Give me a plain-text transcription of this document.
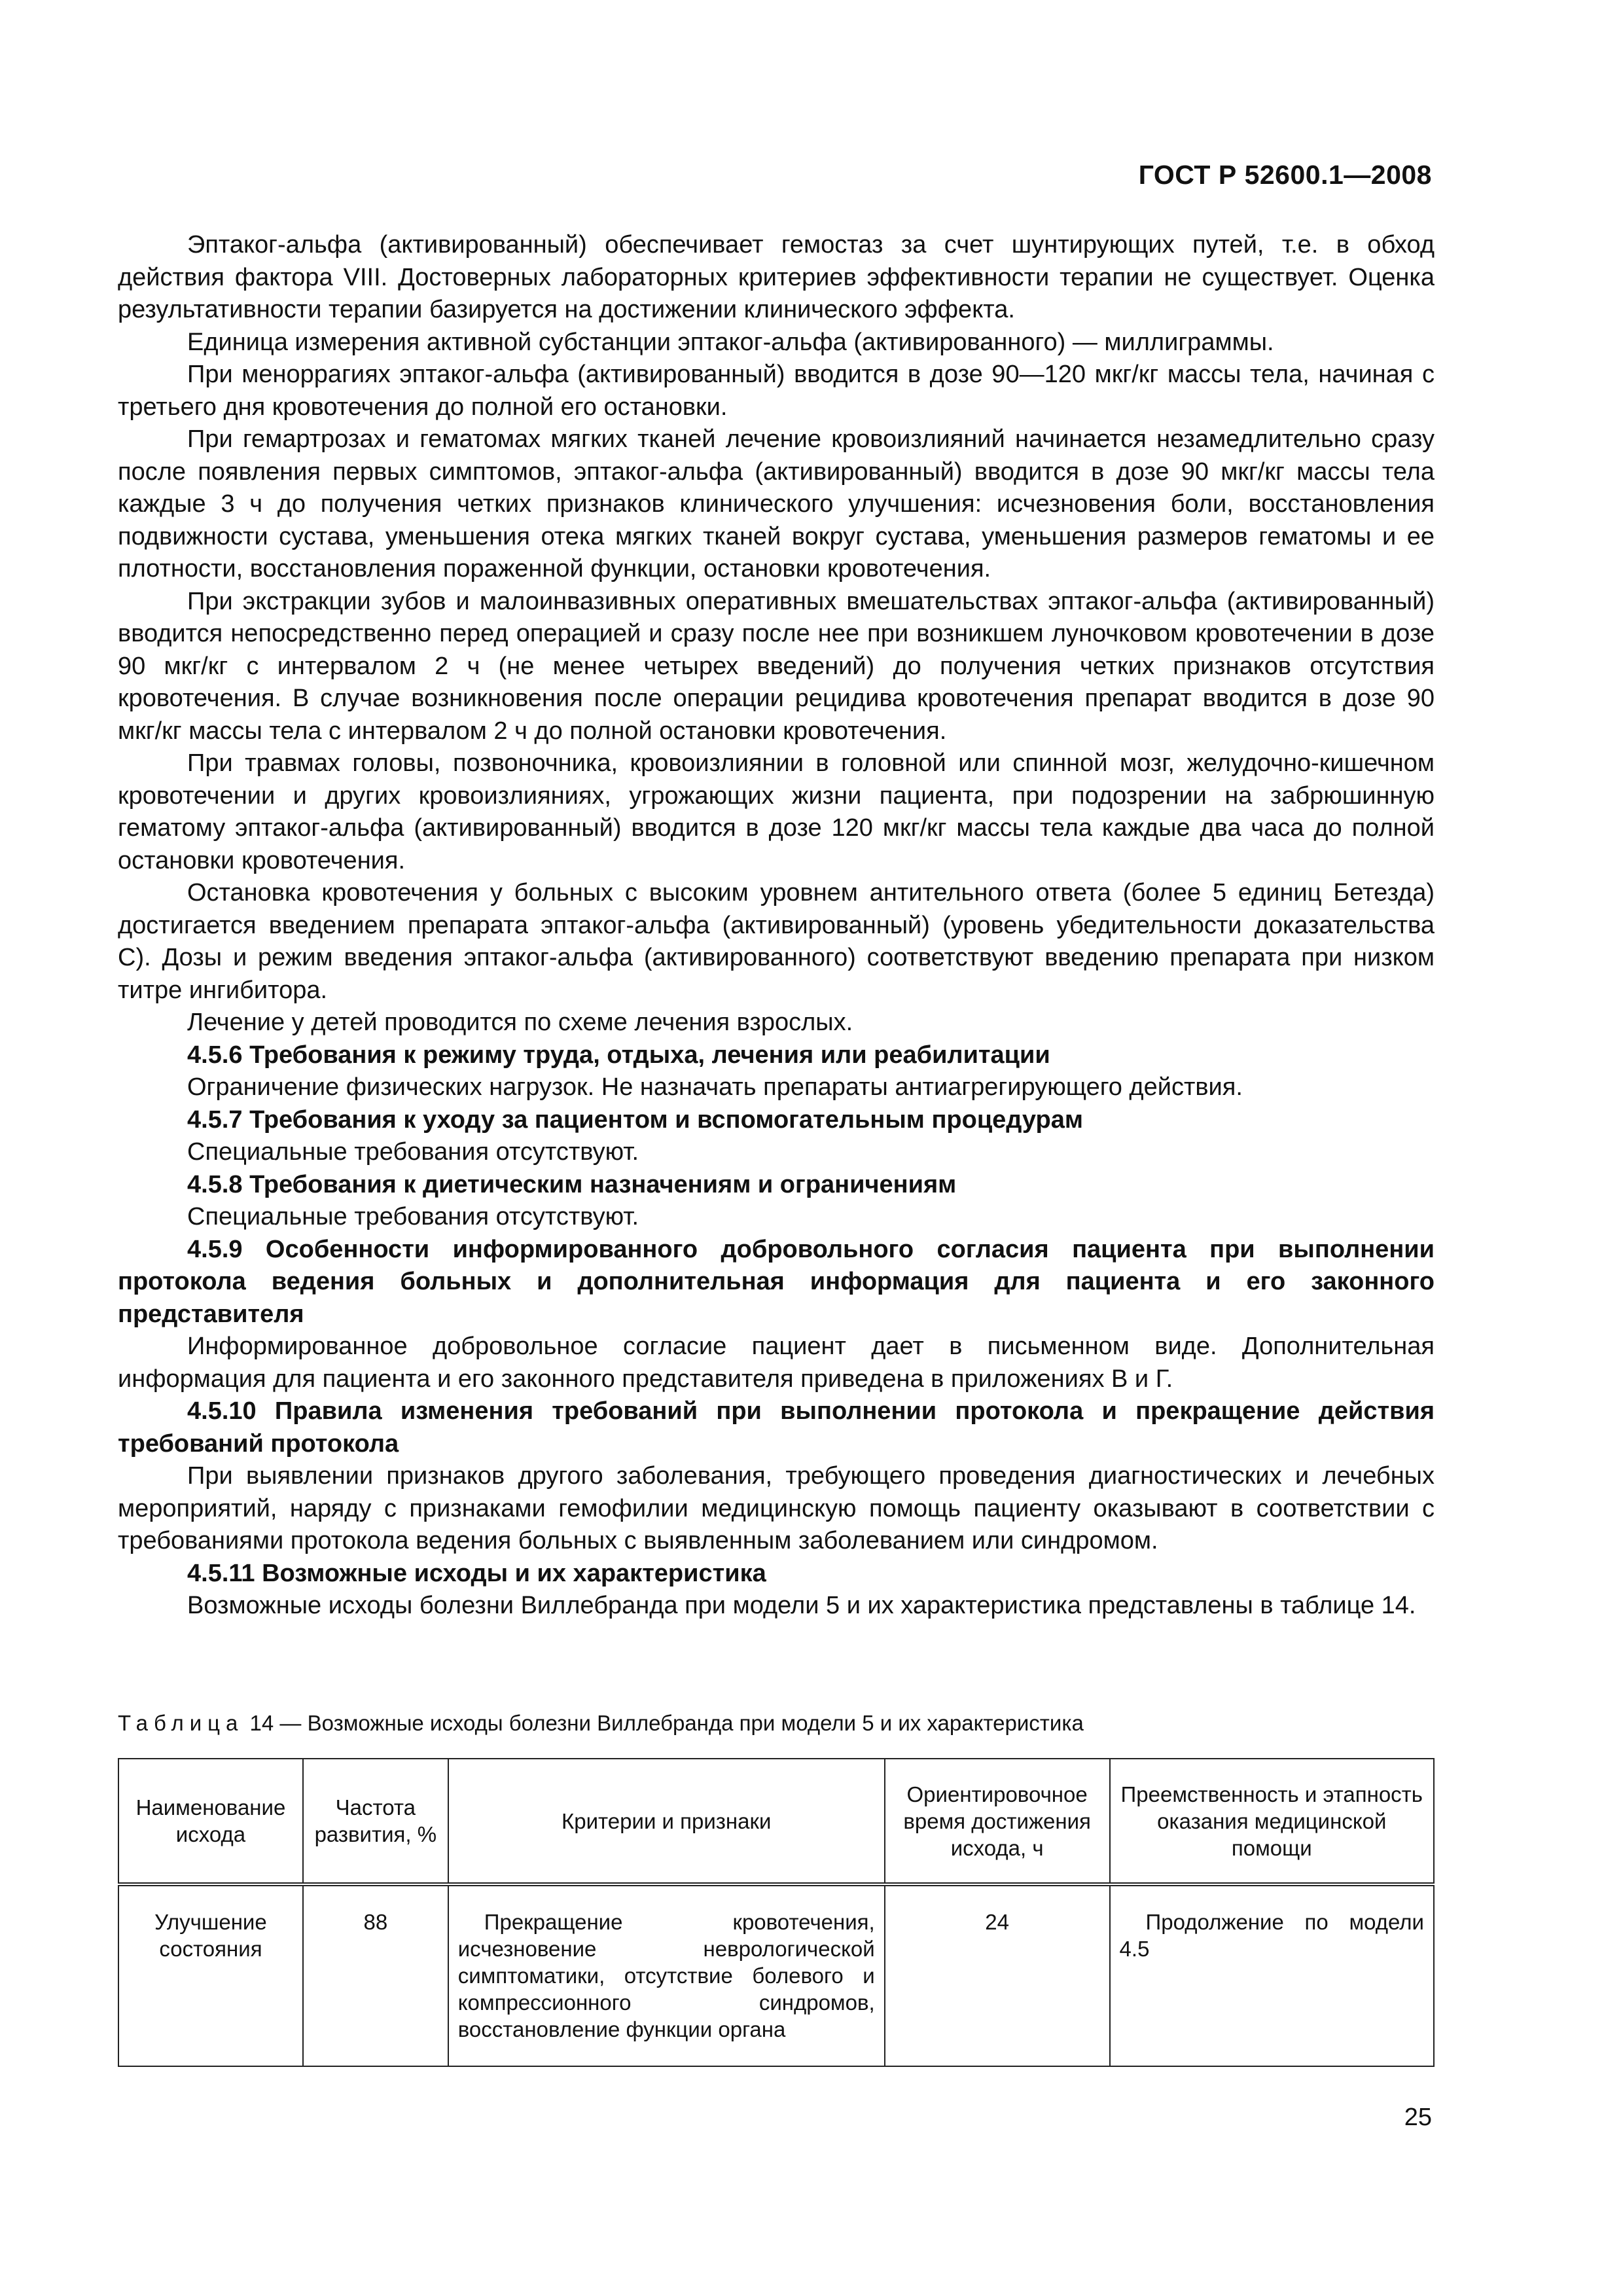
ГОСТ Р 52600.1—2008

Эптаког-альфа (активированный) обеспечивает гемостаз за счет шунтирующих путей, т.е. в обход действия фактора VIII. Достоверных лабораторных критериев эффективности терапии не существует. Оценка результативности терапии базируется на достижении клинического эффекта.

Единица измерения активной субстанции эптаког-альфа (активированного) — миллиграммы.

При меноррагиях эптаког-альфа (активированный) вводится в дозе 90—120 мкг/кг массы тела, начиная с третьего дня кровотечения до полной его остановки.

При гемартрозах и гематомах мягких тканей лечение кровоизлияний начинается незамедлительно сразу после появления первых симптомов, эптаког-альфа (активированный) вводится в дозе 90 мкг/кг массы тела каждые 3 ч до получения четких признаков клинического улучшения: исчезновения боли, восстановления подвижности сустава, уменьшения отека мягких тканей вокруг сустава, уменьшения размеров гематомы и ее плотности, восстановления пораженной функции, остановки кровотечения.

При экстракции зубов и малоинвазивных оперативных вмешательствах эптаког-альфа (активированный) вводится непосредственно перед операцией и сразу после нее при возникшем луночковом кровотечении в дозе 90 мкг/кг с интервалом 2 ч (не менее четырех введений) до получения четких признаков отсутствия кровотечения. В случае возникновения после операции рецидива кровотечения препарат вводится в дозе 90 мкг/кг массы тела с интервалом 2 ч до полной остановки кровотечения.

При травмах головы, позвоночника, кровоизлиянии в головной или спинной мозг, желудочно-кишечном кровотечении и других кровоизлияниях, угрожающих жизни пациента, при подозрении на забрюшинную гематому эптаког-альфа (активированный) вводится в дозе 120 мкг/кг массы тела каждые два часа до полной остановки кровотечения.

Остановка кровотечения у больных с высоким уровнем антительного ответа (более 5 единиц Бетезда) достигается введением препарата эптаког-альфа (активированный) (уровень убедительности доказательства С). Дозы и режим введения эптаког-альфа (активированного) соответствуют введению препарата при низком титре ингибитора.

Лечение у детей проводится по схеме лечения взрослых.

4.5.6 Требования к режиму труда, отдыха, лечения или реабилитации

Ограничение физических нагрузок. Не назначать препараты антиагрегирующего действия.

4.5.7 Требования к уходу за пациентом и вспомогательным процедурам

Специальные требования отсутствуют.

4.5.8 Требования к диетическим назначениям и ограничениям

Специальные требования отсутствуют.

4.5.9 Особенности информированного добровольного согласия пациента при выполнении протокола ведения больных и дополнительная информация для пациента и его законного представителя

Информированное добровольное согласие пациент дает в письменном виде. Дополнительная информация для пациента и его законного представителя приведена в приложениях В и Г.

4.5.10 Правила изменения требований при выполнении протокола и прекращение действия требований протокола

При выявлении признаков другого заболевания, требующего проведения диагностических и лечебных мероприятий, наряду с признаками гемофилии медицинскую помощь пациенту оказывают в соответствии с требованиями протокола ведения больных с выявленным заболеванием или синдромом.

4.5.11 Возможные исходы и их характеристика

Возможные исходы болезни Виллебранда при модели 5 и их характеристика представлены в таблице 14.

Таблица 14 — Возможные исходы болезни Виллебранда при модели 5 и их характеристика
Наименование исхода	Частота развития, %	Критерии и признаки	Ориентировочное время достижения исхода, ч	Преемственность и этапность оказания медицинской помощи
Улучшение состояния	88	Прекращение кровотечения, исчезновение неврологической симптоматики, отсутствие болевого и компрессионного синдромов, восстановление функции органа	24	Продолжение по модели 4.5
25
